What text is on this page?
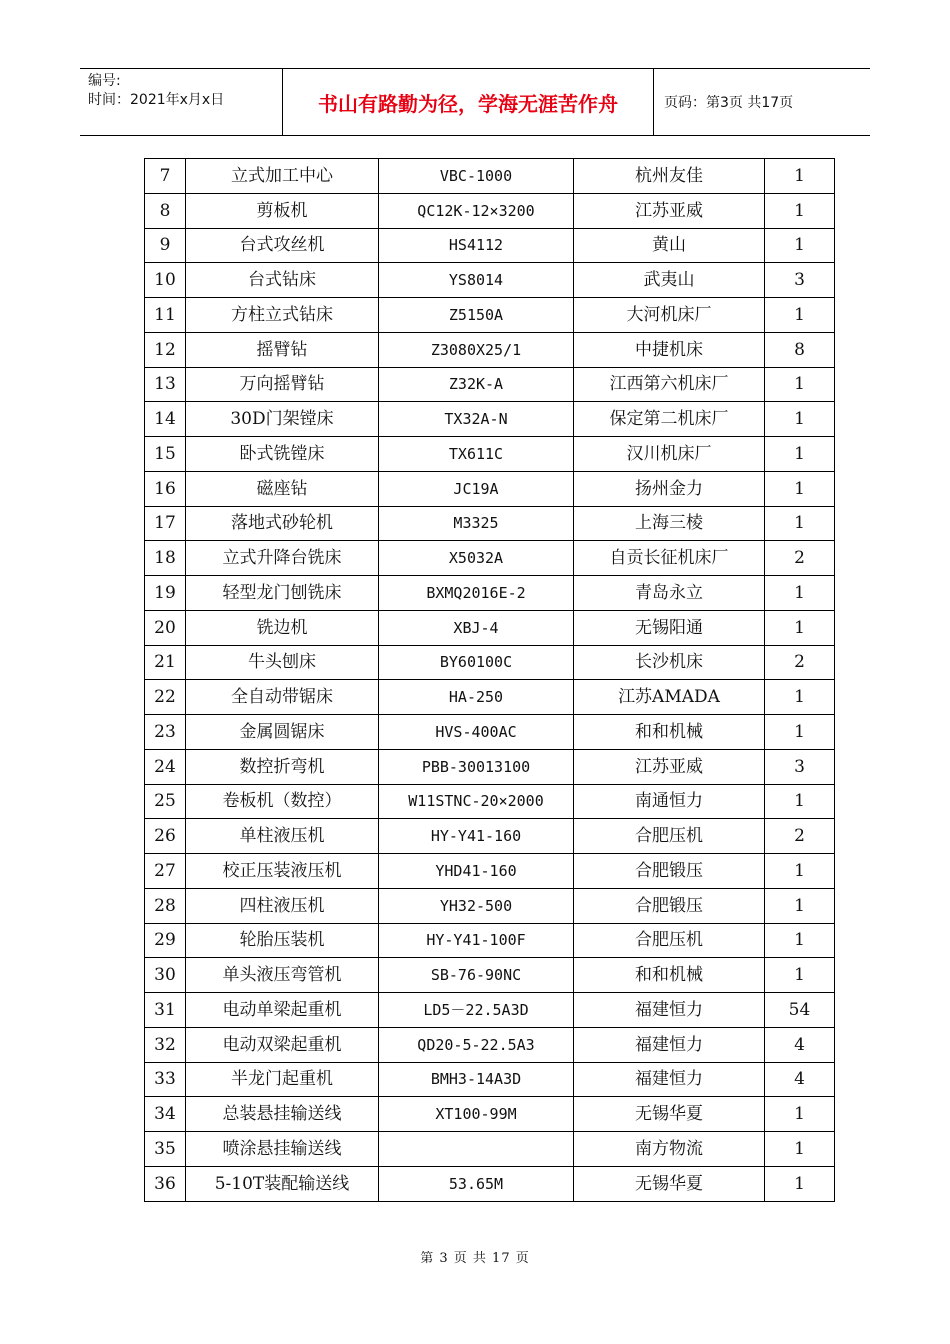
编号:
时间：2021年x月x日	书山有路勤为径，学海无涯苦作舟	页码：第3页 共17页
7	立式加工中心	VBC-1000	杭州友佳	1
8	剪板机	QC12K-12×3200	江苏亚威	1
9	台式攻丝机	HS4112	黄山	1
10	台式钻床	YS8014	武夷山	3
11	方柱立式钻床	Z5150A	大河机床厂	1
12	摇臂钻	Z3080X25/1	中捷机床	8
13	万向摇臂钻	Z32K-A	江西第六机床厂	1
14	30D门架镗床	TX32A-N	保定第二机床厂	1
15	卧式铣镗床	TX611C	汉川机床厂	1
16	磁座钻	JC19A	扬州金力	1
17	落地式砂轮机	M3325	上海三棱	1
18	立式升降台铣床	X5032A	自贡长征机床厂	2
19	轻型龙门刨铣床	BXMQ2016E-2	青岛永立	1
20	铣边机	XBJ-4	无锡阳通	1
21	牛头刨床	BY60100C	长沙机床	2
22	全自动带锯床	HA-250	江苏AMADA	1
23	金属圆锯床	HVS-400AC	和和机械	1
24	数控折弯机	PBB-30013100	江苏亚威	3
25	卷板机（数控）	W11STNC-20×2000	南通恒力	1
26	单柱液压机	HY-Y41-160	合肥压机	2
27	校正压装液压机	YHD41-160	合肥锻压	1
28	四柱液压机	YH32-500	合肥锻压	1
29	轮胎压装机	HY-Y41-100F	合肥压机	1
30	单头液压弯管机	SB-76-90NC	和和机械	1
31	电动单梁起重机	LD5－22.5A3D	福建恒力	54
32	电动双梁起重机	QD20-5-22.5A3	福建恒力	4
33	半龙门起重机	BMH3-14A3D	福建恒力	4
34	总装悬挂输送线	XT100-99M	无锡华夏	1
35	喷涂悬挂输送线		南方物流	1
36	5-10T装配输送线	53.65M	无锡华夏	1
第 3 页 共 17 页
